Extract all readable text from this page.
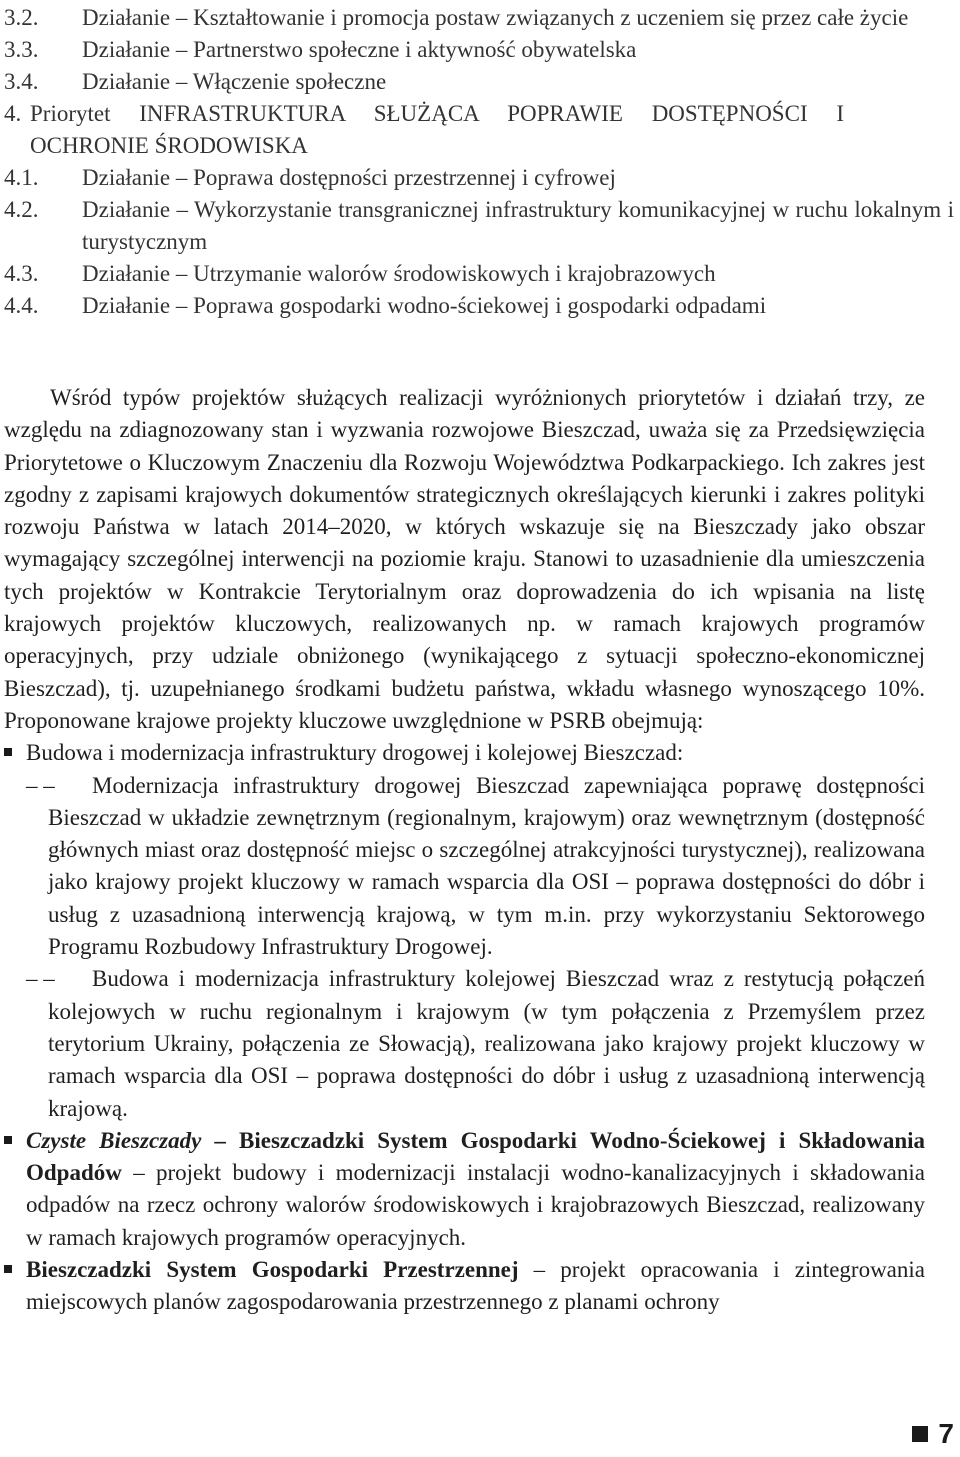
3.2.	Działanie – Kształtowanie i promocja postaw związanych z uczeniem się przez całe życie
3.3.	Działanie – Partnerstwo społeczne i aktywność obywatelska
3.4.	Działanie – Włączenie społeczne
4. Priorytet INFRASTRUKTURA SŁUŻĄCA POPRAWIE DOSTĘPNOŚCI I OCHRONIE ŚRODOWISKA
4.1.	Działanie – Poprawa dostępności przestrzennej i cyfrowej
4.2.	Działanie – Wykorzystanie transgranicznej infrastruktury komunikacyjnej w ruchu lokalnym i turystycznym
4.3.	Działanie – Utrzymanie walorów środowiskowych i krajobrazowych
4.4.	Działanie – Poprawa gospodarki wodno-ściekowej i gospodarki odpadami

Wśród typów projektów służących realizacji wyróżnionych priorytetów i działań trzy, ze względu na zdiagnozowany stan i wyzwania rozwojowe Bieszczad, uważa się za Przedsięwzięcia Priorytetowe o Kluczowym Znaczeniu dla Rozwoju Województwa Podkarpackiego. Ich zakres jest zgodny z zapisami krajowych dokumentów strategicznych określających kierunki i zakres polityki rozwoju Państwa w latach 2014–2020, w których wskazuje się na Bieszczady jako obszar wymagający szczególnej interwencji na poziomie kraju. Stanowi to uzasadnienie dla umieszczenia tych projektów w Kontrakcie Terytorialnym oraz doprowadzenia do ich wpisania na listę krajowych projektów kluczowych, realizowanych np. w ramach krajowych programów operacyjnych, przy udziale obniżonego (wynikającego z sytuacji społeczno-ekonomicznej Bieszczad), tj. uzupełnianego środkami budżetu państwa, wkładu własnego wynoszącego 10%. Proponowane krajowe projekty kluczowe uwzględnione w PSRB obejmują:

Budowa i modernizacja infrastruktury drogowej i kolejowej Bieszczad:

– –	Modernizacja infrastruktury drogowej Bieszczad zapewniająca poprawę dostępności Bieszczad w układzie zewnętrznym (regionalnym, krajowym) oraz wewnętrznym (dostępność głównych miast oraz dostępność miejsc o szczególnej atrakcyjności turystycznej), realizowana jako krajowy projekt kluczowy w ramach wsparcia dla OSI – poprawa dostępności do dóbr i usług z uzasadnioną interwencją krajową, w tym m.in. przy wykorzystaniu Sektorowego Programu Rozbudowy Infrastruktury Drogowej.

– –	Budowa i modernizacja infrastruktury kolejowej Bieszczad wraz z restytucją połączeń kolejowych w ruchu regionalnym i krajowym (w tym połączenia z Przemyślem przez terytorium Ukrainy, połączenia ze Słowacją), realizowana jako krajowy projekt kluczowy w ramach wsparcia dla OSI – poprawa dostępności do dóbr i usług z uzasadnioną interwencją krajową.

Czyste Bieszczady – Bieszczadzki System Gospodarki Wodno-Ściekowej i Składowania Odpadów – projekt budowy i modernizacji instalacji wodno-kanalizacyjnych i składowania odpadów na rzecz ochrony walorów środowiskowych i krajobrazowych Bieszczad, realizowany w ramach krajowych programów operacyjnych.

Bieszczadzki System Gospodarki Przestrzennej – projekt opracowania i zintegrowania miejscowych planów zagospodarowania przestrzennego z planami ochrony

7
